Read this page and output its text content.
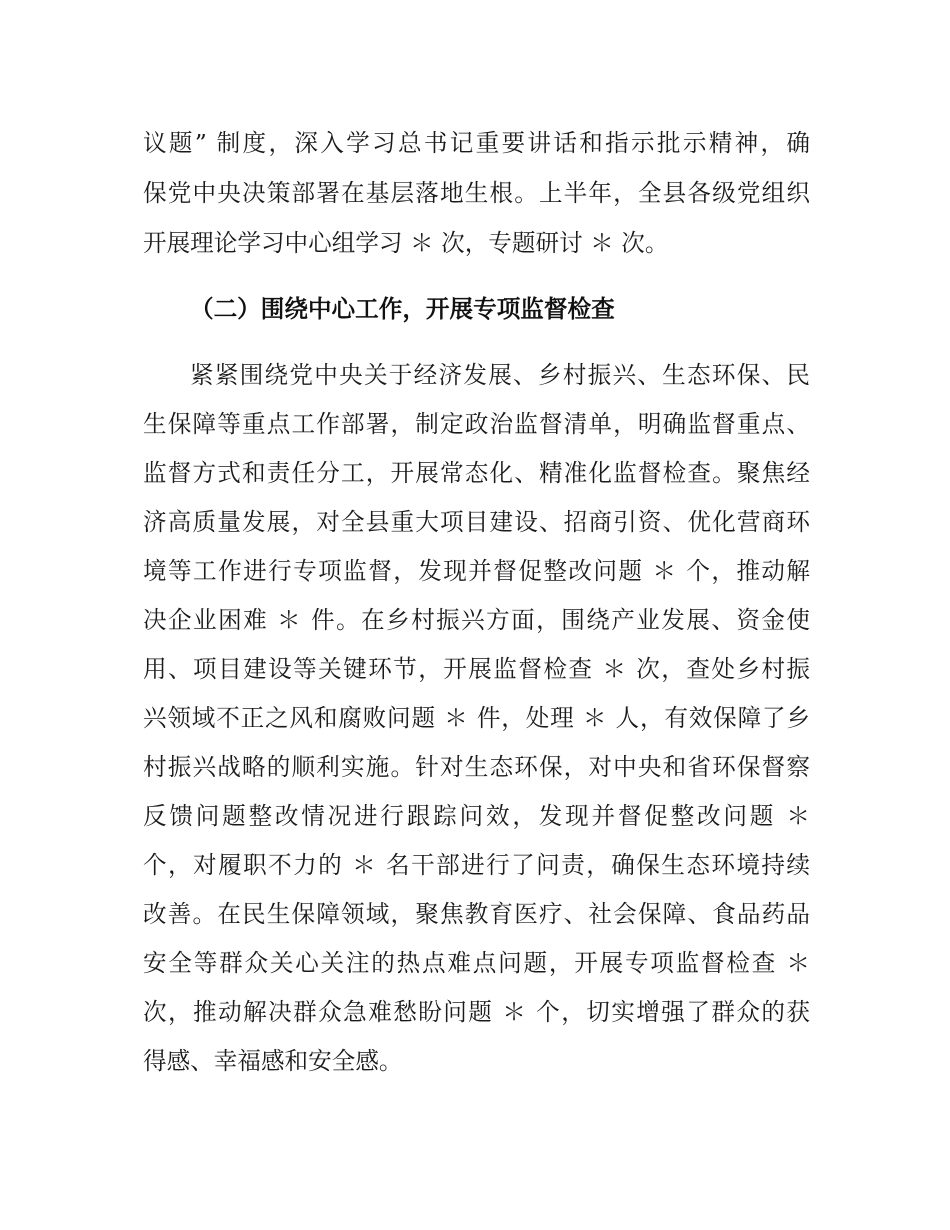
议题” 制度，深入学习总书记重要讲话和指示批示精神，确
保党中央决策部署在基层落地生根。上半年，全县各级党组织
开展理论学习中心组学习 ＊ 次，专题研讨 ＊ 次。
（二）围绕中心工作，开展专项监督检查
紧紧围绕党中央关于经济发展、乡村振兴、生态环保、民
生保障等重点工作部署，制定政治监督清单，明确监督重点、
监督方式和责任分工，开展常态化、精准化监督检查。聚焦经
济高质量发展，对全县重大项目建设、招商引资、优化营商环
境等工作进行专项监督，发现并督促整改问题 ＊ 个，推动解
决企业困难 ＊ 件。在乡村振兴方面，围绕产业发展、资金使
用、项目建设等关键环节，开展监督检查 ＊ 次，查处乡村振
兴领域不正之风和腐败问题 ＊ 件，处理 ＊ 人，有效保障了乡
村振兴战略的顺利实施。针对生态环保，对中央和省环保督察
反馈问题整改情况进行跟踪问效，发现并督促整改问题 ＊
个，对履职不力的 ＊ 名干部进行了问责，确保生态环境持续
改善。在民生保障领域，聚焦教育医疗、社会保障、食品药品
安全等群众关心关注的热点难点问题，开展专项监督检查 ＊
次，推动解决群众急难愁盼问题 ＊ 个，切实增强了群众的获
得感、幸福感和安全感。
